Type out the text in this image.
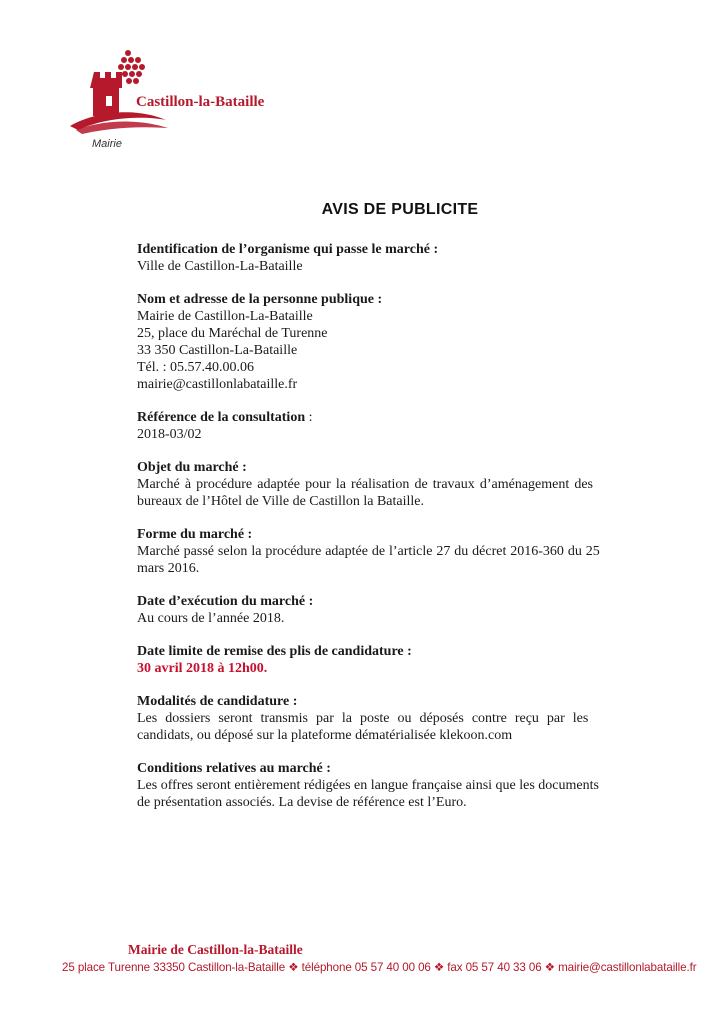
Castillon-la-Bataille
Mairie
AVIS DE PUBLICITE
Identification de l’organisme qui passe le marché :
Ville de Castillon-La-Bataille
Nom et adresse de la personne publique :
Mairie de Castillon-La-Bataille
25, place du Maréchal de Turenne
33 350 Castillon-La-Bataille
Tél. : 05.57.40.00.06
mairie@castillonlabataille.fr
Référence de la consultation :
2018-03/02
Objet du marché :
Marché à procédure adaptée pour la réalisation de travaux d’aménagement des
bureaux de l’Hôtel de Ville de Castillon la Bataille.
Forme du marché :
Marché passé selon la procédure adaptée de l’article 27 du décret 2016-360 du 25
mars 2016.
Date d’exécution du marché :
Au cours de l’année 2018.
Date limite de remise des plis de candidature :
30 avril 2018 à 12h00.
Modalités de candidature :
Les dossiers seront transmis par la poste ou déposés contre reçu par les
candidats, ou déposé sur la plateforme dématérialisée klekoon.com
Conditions relatives au marché :
Les offres seront entièrement rédigées en langue française ainsi que les documents
de présentation associés. La devise de référence est l’Euro.
Mairie de Castillon-la-Bataille
25 place Turenne 33350 Castillon-la-Bataille ❖ téléphone 05 57 40 00 06 ❖ fax 05 57 40 33 06 ❖ mairie@castillonlabataille.fr
